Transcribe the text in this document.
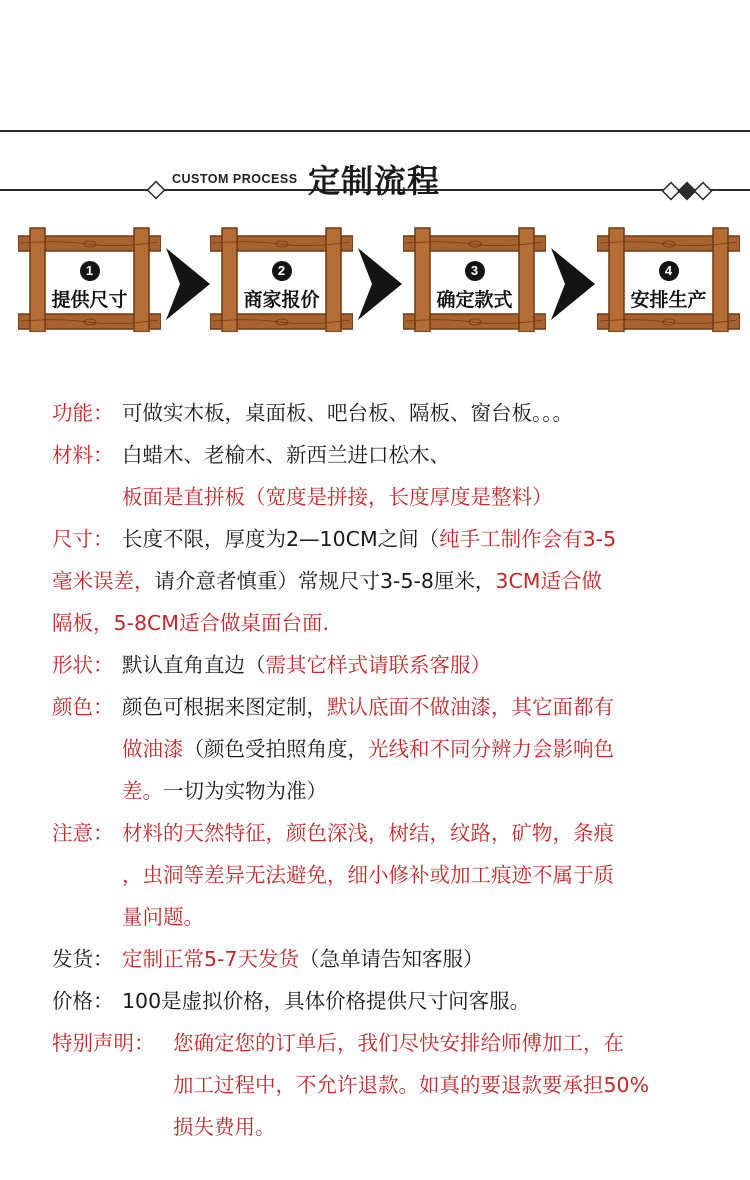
CUSTOM PROCESS 定制流程
1
提供尺寸
2
商家报价
3
确定款式
4
安排生产
功能： 可做实木板，桌面板、吧台板、隔板、窗台板。。。
材料： 白蜡木、老榆木、新西兰进口松木、
板面是直拼板（宽度是拼接，长度厚度是整料）
尺寸： 长度不限，厚度为2—10CM之间（纯手工制作会有3-5
毫米误差， 请介意者慎重）常规尺寸3-5-8厘米， 3CM适合做
隔板，5-8CM适合做桌面台面.
形状： 默认直角直边（需其它样式请联系客服）
颜色： 颜色可根据来图定制，默认底面不做油漆，其它面都有
做油漆（颜色受拍照角度，光线和不同分辨力会影响色
差。一切为实物为准）
注意： 材料的天然特征，颜色深浅，树结，纹路，矿物，条痕
，虫洞等差异无法避免，细小修补或加工痕迹不属于质
量问题。
发货： 定制正常5-7天发货（急单请告知客服）
价格： 100是虚拟价格，具体价格提供尺寸问客服。
特别声明： 您确定您的订单后，我们尽快安排给师傅加工，在
加工过程中，不允许退款。如真的要退款要承担50%
损失费用。
